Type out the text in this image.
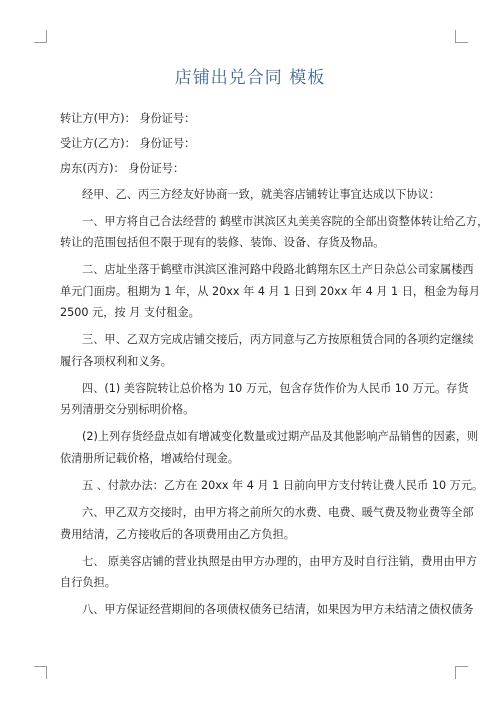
店铺出兑合同 模板

转让方(甲方)： 身份证号：

受让方(乙方)： 身份证号：

房东(丙方)： 身份证号：

经甲、乙、丙三方经友好协商一致，就美容店铺转让事宜达成以下协议：

一、甲方将自己合法经营的 鹤壁市淇滨区丸美美容院的全部出资整体转让给乙方，

转让的范围包括但不限于现有的装修、装饰、设备、存货及物品。

二、店址坐落于鹤壁市淇滨区淮河路中段路北鹤翔东区土产日杂总公司家属楼西

单元门面房。租期为 1 年，从 20xx 年 4 月 1 日到 20xx 年 4 月 1 日，租金为每月

2500 元，按 月 支付租金。

三、甲、乙双方完成店铺交接后，丙方同意与乙方按原租赁合同的各项约定继续

履行各项权利和义务。

四、(1) 美容院转让总价格为 10 万元，包含存货作价为人民币 10 万元。存货

另列清册交分别标明价格。

(2)上列存货经盘点如有增减变化数量或过期产品及其他影响产品销售的因素，则

依清册所记载价格，增减给付现金。

五 、付款办法：乙方在 20xx 年 4 月 1 日前向甲方支付转让费人民币 10 万元。

六、甲乙双方交接时，由甲方将之前所欠的水费、电费、暖气费及物业费等全部

费用结清，乙方接收后的各项费用由乙方负担。

七、 原美容店铺的营业执照是由甲方办理的，由甲方及时自行注销，费用由甲方

自行负担。

八、甲方保证经营期间的各项债权债务已结清，如果因为甲方未结清之债权债务
